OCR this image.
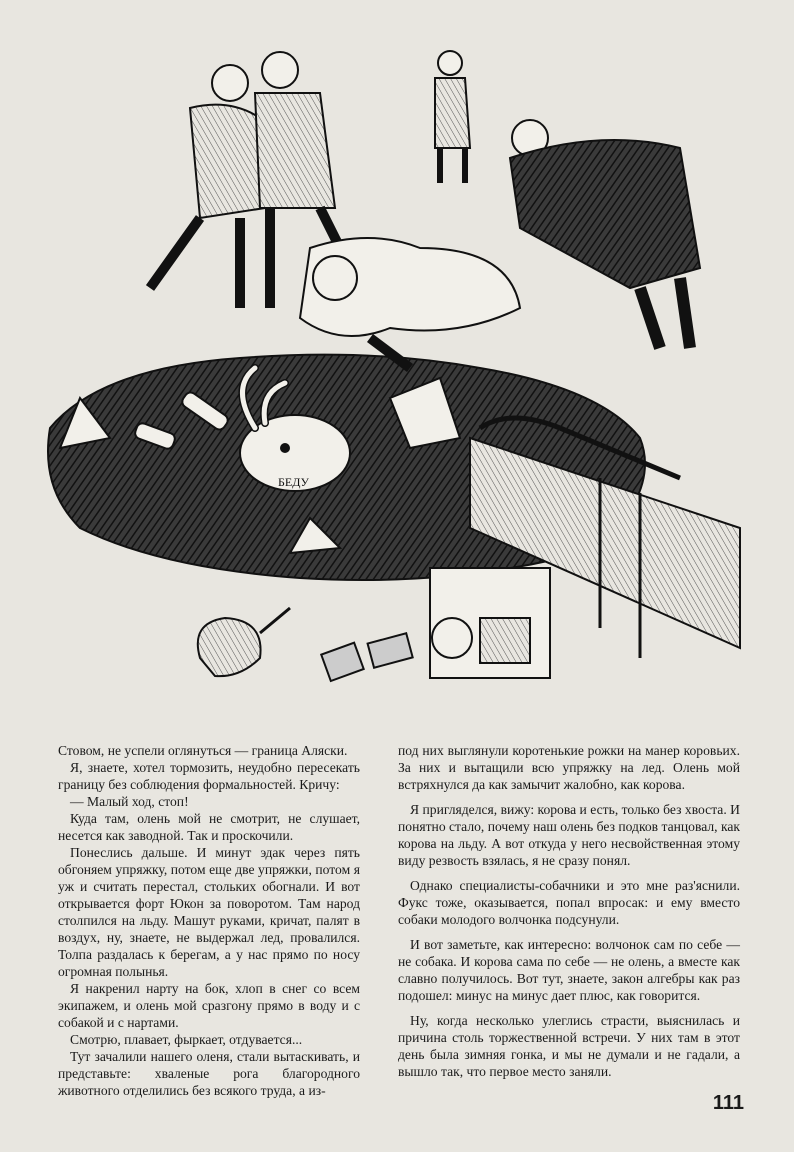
БЕДУ

Стовом, не успели оглянуться — граница Аляски.

Я, знаете, хотел тормозить, неудобно пересекать границу без соблюдения формальностей. Кричу:

— Малый ход, стоп!

Куда там, олень мой не смотрит, не слушает, несется как заводной. Так и проскочили.

Понеслись дальше. И минут эдак через пять обгоняем упряжку, потом еще две упряжки, потом я уж и считать перестал, стольких обогнали. И вот открывается форт Юкон за поворотом. Там народ столпился на льду. Машут руками, кричат, палят в воздух, ну, знаете, не выдержал лед, провалился. Толпа раздалась к берегам, а у нас прямо по носу огромная полынья.

Я накренил нарту на бок, хлоп в снег со всем экипажем, и олень мой сразгону прямо в воду и с собакой и с нартами.

Смотрю, плавает, фыркает, отдувается...

Тут зачалили нашего оленя, стали вытаскивать, и представьте: хваленые рога благородного животного отделились без всякого труда, а из-

под них выглянули коротенькие рожки на манер коровьих. За них и вытащили всю упряжку на лед. Олень мой встряхнулся да как замычит жалобно, как корова.

Я пригляделся, вижу: корова и есть, только без хвоста. И понятно стало, почему наш олень без подков танцовал, как корова на льду. А вот откуда у него несвойственная этому виду резвость взялась, я не сразу понял.

Однако специалисты-собачники и это мне раз'яснили. Фукс тоже, оказывается, попал впросак: и ему вместо собаки молодого волчонка подсунули.

И вот заметьте, как интересно: волчонок сам по себе — не собака. И корова сама по себе — не олень, а вместе как славно получилось. Вот тут, знаете, закон алгебры как раз подошел: минус на минус дает плюс, как говорится.

Ну, когда несколько улеглись страсти, выяснилась и причина столь торжественной встречи. У них там в этот день была зимняя гонка, и мы не думали и не гадали, а вышло так, что первое место заняли.

111
